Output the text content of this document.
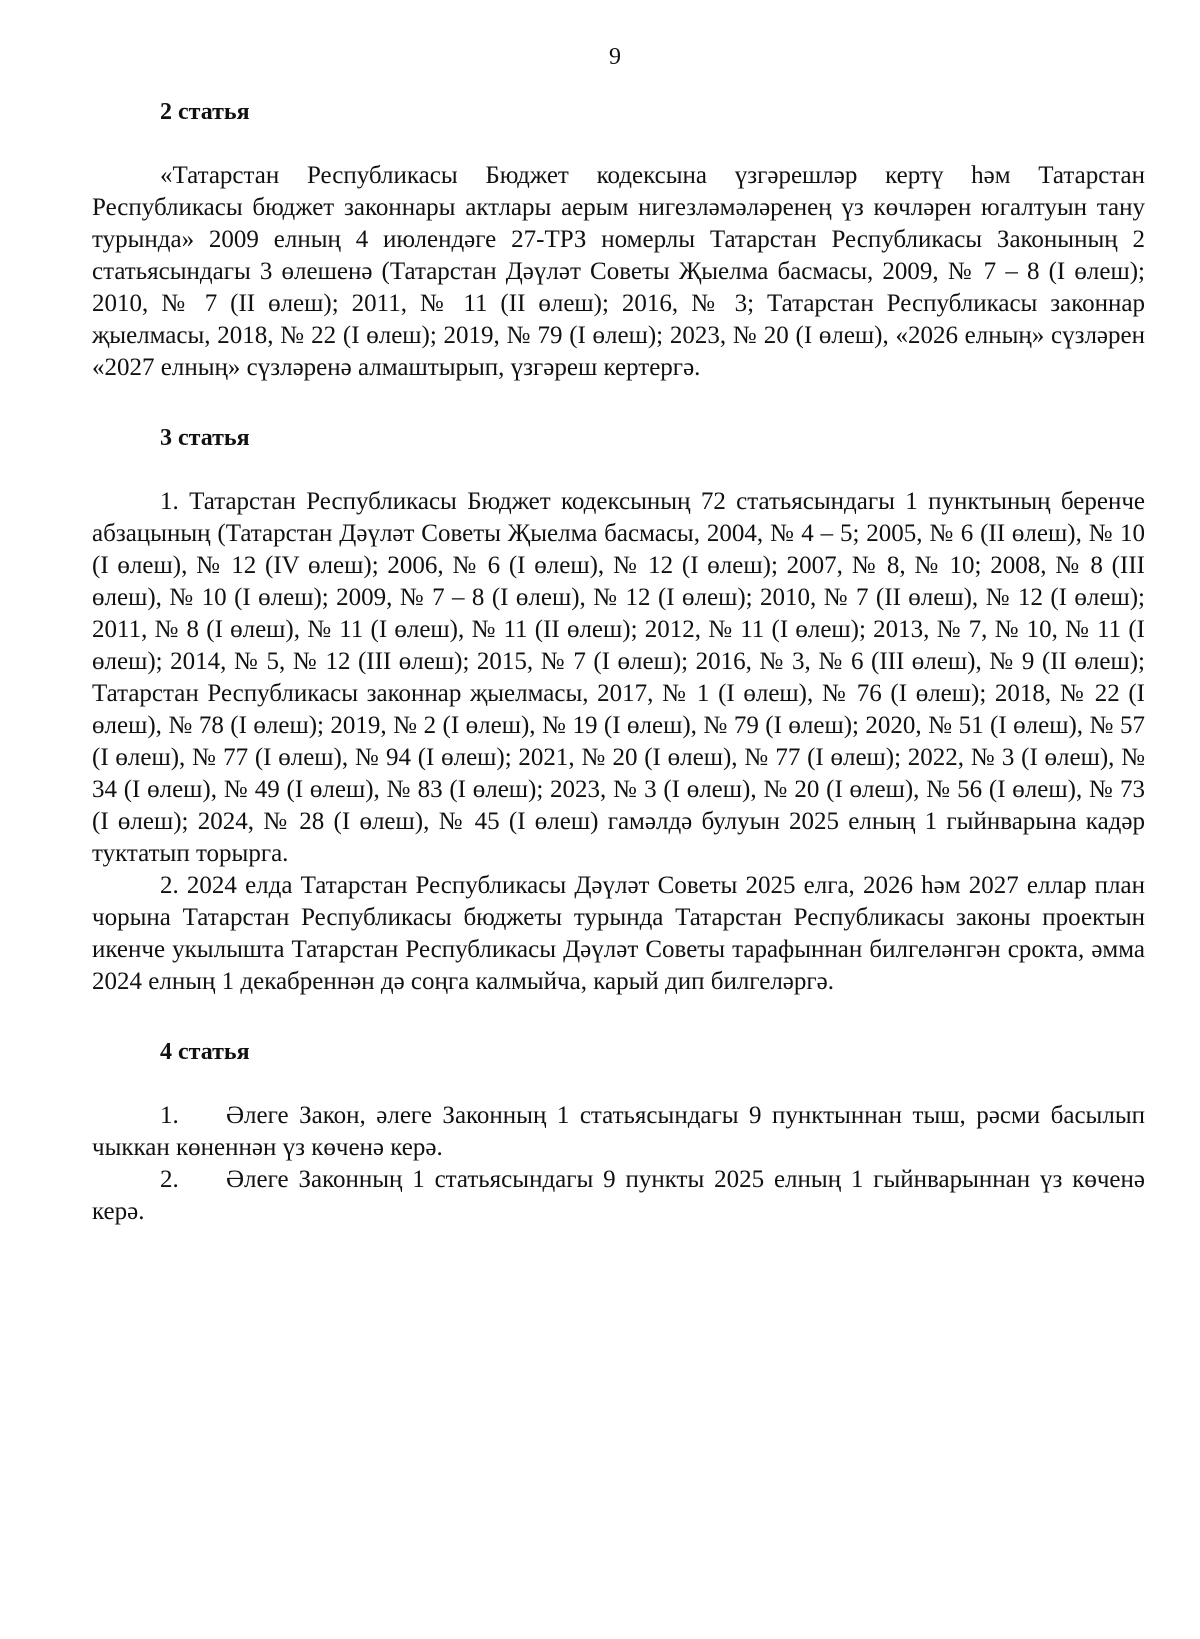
9

2 статья

«Татарстан Республикасы Бюджет кодексына үзгәрешләр кертү һәм Татарстан Республикасы бюджет законнары актлары аерым нигезләмәләренең үз көчләрен югалтуын тану турында» 2009 елның 4 июлендәге 27-ТРЗ номерлы Татарстан Республикасы Законының 2 статьясындагы 3 өлешенә (Татарстан Дәүләт Советы Җыелма басмасы, 2009, № 7 – 8 (I өлеш); 2010, № 7 (II өлеш); 2011, № 11 (II өлеш); 2016, № 3; Татарстан Республикасы законнар җыелмасы, 2018, № 22 (I өлеш); 2019, № 79 (I өлеш); 2023, № 20 (I өлеш), «2026 елның» сүзләрен «2027 елның» сүзләренә алмаштырып, үзгәреш кертергә.

3 статья

1. Татарстан Республикасы Бюджет кодексының 72 статьясындагы 1 пунктының беренче абзацының (Татарстан Дәүләт Советы Җыелма басмасы, 2004, № 4 – 5; 2005, № 6 (II өлеш), № 10 (I өлеш), № 12 (IV өлеш); 2006, № 6 (I өлеш), № 12 (I өлеш); 2007, № 8, № 10; 2008, № 8 (III өлеш), № 10 (I өлеш); 2009, № 7 – 8 (I өлеш), № 12 (I өлеш); 2010, № 7 (II өлеш), № 12 (I өлеш); 2011, № 8 (I өлеш), № 11 (I өлеш), № 11 (II өлеш); 2012, № 11 (I өлеш); 2013, № 7, № 10, № 11 (I өлеш); 2014, № 5, № 12 (III өлеш); 2015, № 7 (I өлеш); 2016, № 3, № 6 (III өлеш), № 9 (II өлеш); Татарстан Республикасы законнар җыелмасы, 2017, № 1 (I өлеш), № 76 (I өлеш); 2018, № 22 (I өлеш), № 78 (I өлеш); 2019, № 2 (I өлеш), № 19 (I өлеш), № 79 (I өлеш); 2020, № 51 (I өлеш), № 57 (I өлеш), № 77 (I өлеш), № 94 (I өлеш); 2021, № 20 (I өлеш), № 77 (I өлеш); 2022, № 3 (I өлеш), № 34 (I өлеш), № 49 (I өлеш), № 83 (I өлеш); 2023, № 3 (I өлеш), № 20 (I өлеш), № 56 (I өлеш), № 73 (I өлеш); 2024, № 28 (I өлеш), № 45 (I өлеш) гамәлдә булуын 2025 елның 1 гыйнварына кадәр туктатып торырга.

2. 2024 елда Татарстан Республикасы Дәүләт Советы 2025 елга, 2026 һәм 2027 еллар план чорына Татарстан Республикасы бюджеты турында Татарстан Республикасы законы проектын икенче укылышта Татарстан Республикасы Дәүләт Советы тарафыннан билгеләнгән срокта, әмма 2024 елның 1 декабреннән дә соңга калмыйча, карый дип билгеләргә.

4 статья

1. Әлеге Закон, әлеге Законның 1 статьясындагы 9 пунктыннан тыш, рәсми басылып чыккан көненнән үз көченә керә.

2. Әлеге Законның 1 статьясындагы 9 пункты 2025 елның 1 гыйнварыннан үз көченә керә.
